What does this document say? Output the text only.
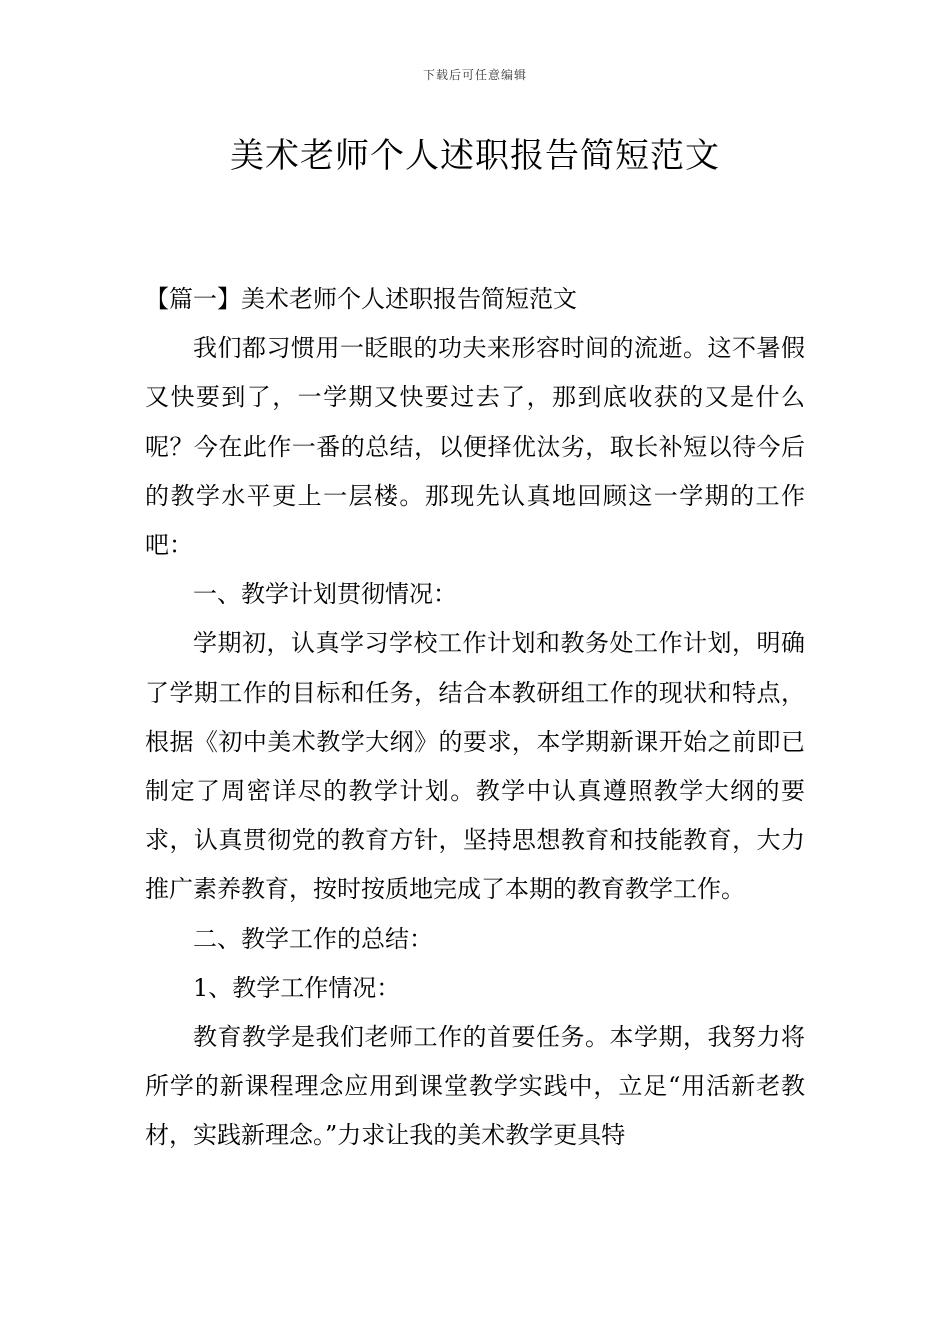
下载后可任意编辑
美术老师个人述职报告简短范文

【篇一】美术老师个人述职报告简短范文

我们都习惯用一眨眼的功夫来形容时间的流逝。这不暑假又快要到了，一学期又快要过去了，那到底收获的又是什么呢？今在此作一番的总结，以便择优汰劣，取长补短以待今后的教学水平更上一层楼。那现先认真地回顾这一学期的工作吧：

一、教学计划贯彻情况：

学期初，认真学习学校工作计划和教务处工作计划，明确了学期工作的目标和任务，结合本教研组工作的现状和特点，根据《初中美术教学大纲》的要求，本学期新课开始之前即已制定了周密详尽的教学计划。教学中认真遵照教学大纲的要求，认真贯彻党的教育方针，坚持思想教育和技能教育，大力推广素养教育，按时按质地完成了本期的教育教学工作。

二、教学工作的总结：

1、教学工作情况：

教育教学是我们老师工作的首要任务。本学期，我努力将所学的新课程理念应用到课堂教学实践中，立足“用活新老教材，实践新理念。”力求让我的美术教学更具特
